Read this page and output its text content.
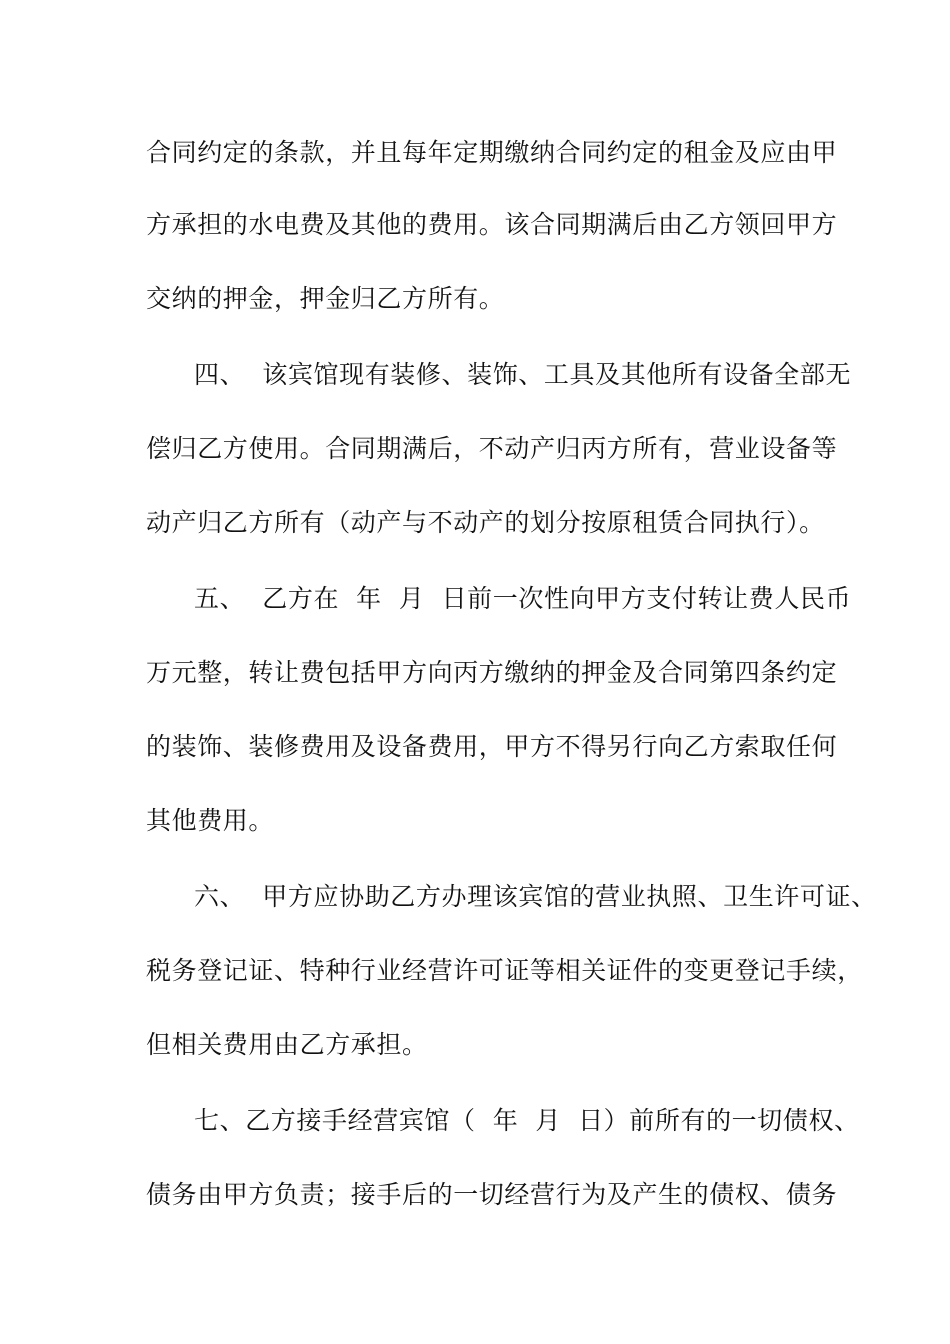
合同约定的条款，并且每年定期缴纳合同约定的租金及应由甲
方承担的水电费及其他的费用。该合同期满后由乙方领回甲方
交纳的押金，押金归乙方所有。
四、  该宾馆现有装修、装饰、工具及其他所有设备全部无
偿归乙方使用。合同期满后，不动产归丙方所有，营业设备等
动产归乙方所有（动产与不动产的划分按原租赁合同执行）。
五、  乙方在  年  月  日前一次性向甲方支付转让费人民币
万元整，转让费包括甲方向丙方缴纳的押金及合同第四条约定
的装饰、装修费用及设备费用，甲方不得另行向乙方索取任何
其他费用。
六、  甲方应协助乙方办理该宾馆的营业执照、卫生许可证、
税务登记证、特种行业经营许可证等相关证件的变更登记手续，
但相关费用由乙方承担。
七、乙方接手经营宾馆（  年  月  日）前所有的一切债权、
债务由甲方负责；接手后的一切经营行为及产生的债权、债务
